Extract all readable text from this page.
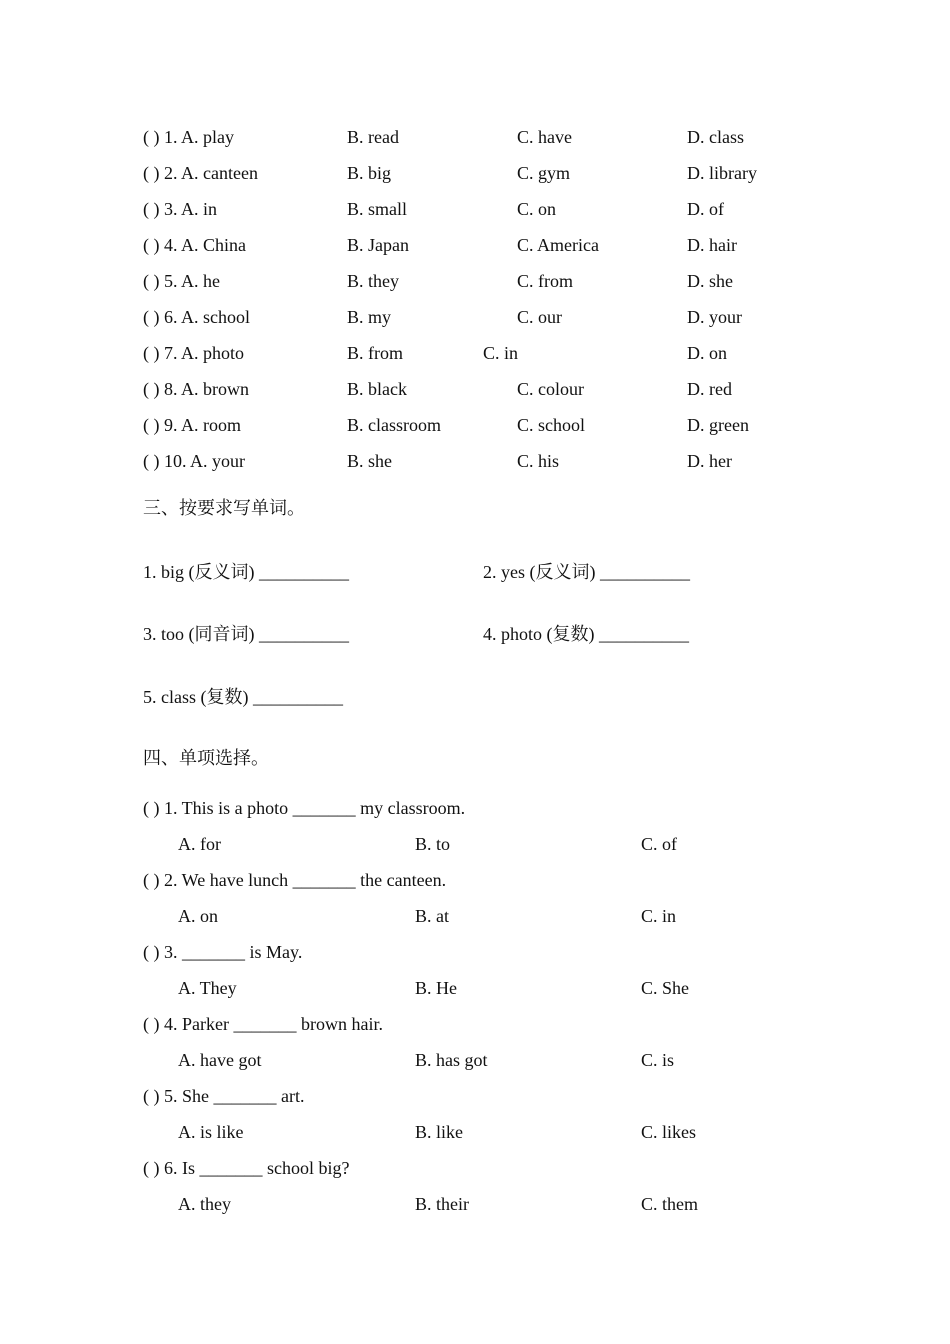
( ) 1. A. play	B. read	C. have	D. class
( ) 2. A. canteen	B. big	C. gym	D. library
( ) 3. A. in	B. small	C. on	D. of
( ) 4. A. China	B. Japan	C. America	D. hair
( ) 5. A. he	B. they	C. from	D. she
( ) 6. A. school	B. my	C. our	D. your
( ) 7. A. photo	B. from	C. in	D. on
( ) 8. A. brown	B. black	C. colour	D. red
( ) 9. A. room	B. classroom	C. school	D. green
( ) 10. A. your	B. she	C. his	D. her
三、按要求写单词。
1. big (反义词) __________	2. yes (反义词) __________
3. too (同音词) __________	4. photo (复数) __________
5. class (复数) __________
四、单项选择。
( ) 1. This is a photo _______ my classroom.
A. for	B. to	C. of
( ) 2. We have lunch _______ the canteen.
A. on	B. at	C. in
( ) 3. _______ is May.
A. They	B. He	C. She
( ) 4. Parker _______ brown hair.
A. have got	B. has got	C. is
( ) 5. She _______ art.
A. is like	B. like	C. likes
( ) 6. Is _______ school big?
A. they	B. their	C. them
